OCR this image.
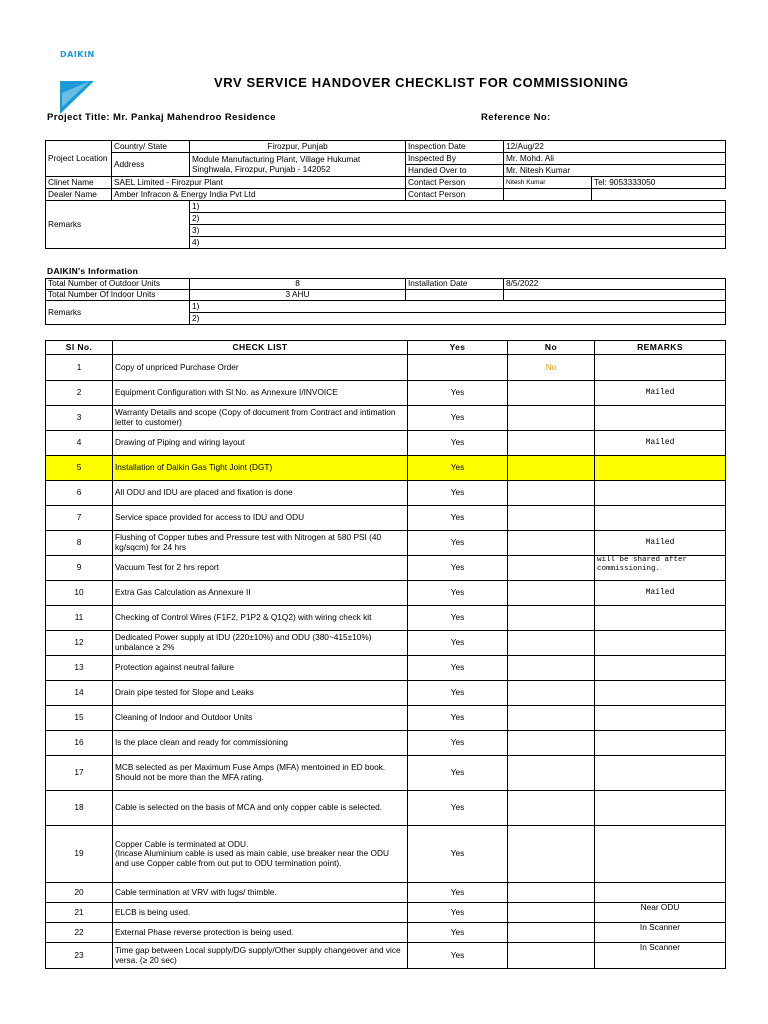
DAIKIN
VRV SERVICE HANDOVER CHECKLIST FOR COMMISSIONING
Project Title: Mr. Pankaj Mahendroo Residence	Reference No:
Project Location	Country/ State	Firozpur, Punjab	Inspection Date	12/Aug/22	
	Address	Module Manufacturing Plant, Village Hukumat Singhwala, Firozpur, Punjab - 142052	Inspected By	Mr. Mohd. Ali	
			Handed Over to	Mr. Nitesh Kumar	
Clinet Name	SAEL Limited - Firozpur Plant		Contact Person	Nitesh Kumar	Tel: 9053333050
Dealer Name	Amber Infracon & Energy India Pvt Ltd		Contact Person		
Remarks		1)			
		2)			
		3)			
		4)			
DAIKIN's Information
Total Number of Outdoor Units	8	Installation Date	8/5/2022
Total Number Of Indoor Units	3 AHU		
Remarks	1)		
	2)		
Sl No.	CHECK LIST	Yes	No	REMARKS
1	Copy of unpriced Purchase Order		No	
2	Equipment Configuration with Sl No. as Annexure I/INVOICE	Yes		Mailed
3	Warranty Details and scope (Copy of document from Contract and intimation letter to customer)	Yes		
4	Drawing of Piping and wiring layout	Yes		Mailed
5	Installation of Daikin Gas Tight Joint (DGT)	Yes		
6	All ODU and IDU are placed and fixation is done	Yes		
7	Service space provided for access to IDU and ODU	Yes		
8	Flushing of Copper tubes and Pressure test with Nitrogen at 580 PSI (40 kg/sqcm) for 24 hrs	Yes		Mailed
9	Vacuum Test for 2 hrs report	Yes		will be shared after commissioning.
10	Extra Gas Calculation as Annexure II	Yes		Mailed
11	Checking of Control Wires (F1F2, P1P2 & Q1Q2) with wiring check kit	Yes		
12	Dedicated Power supply at IDU (220±10%) and ODU (380~415±10%) unbalance ≥ 2%	Yes		
13	Protection against neutral failure	Yes		
14	Drain pipe tested for Slope and Leaks	Yes		
15	Cleaning of Indoor and Outdoor Units	Yes		
16	Is the place clean and ready for commissioning	Yes		
17	MCB selected as per Maximum Fuse Amps (MFA) mentoined in ED book. Should not be more than the MFA rating.	Yes		
18	Cable is selected on the basis of MCA and only copper cable is selected.	Yes		
19	Copper Cable is terminated at ODU.
(Incase Aluminium cable is used as main cable, use breaker near the ODU and use Copper cable from out put to ODU termination point).	Yes		
20	Cable termination at VRV with lugs/ thimble.	Yes		
21	ELCB is being used.	Yes		Near ODU
22	External Phase reverse protection is being used.	Yes		In Scanner
23	Time gap between Local supply/DG supply/Other supply changeover and vice versa. (≥ 20 sec)	Yes		In Scanner
